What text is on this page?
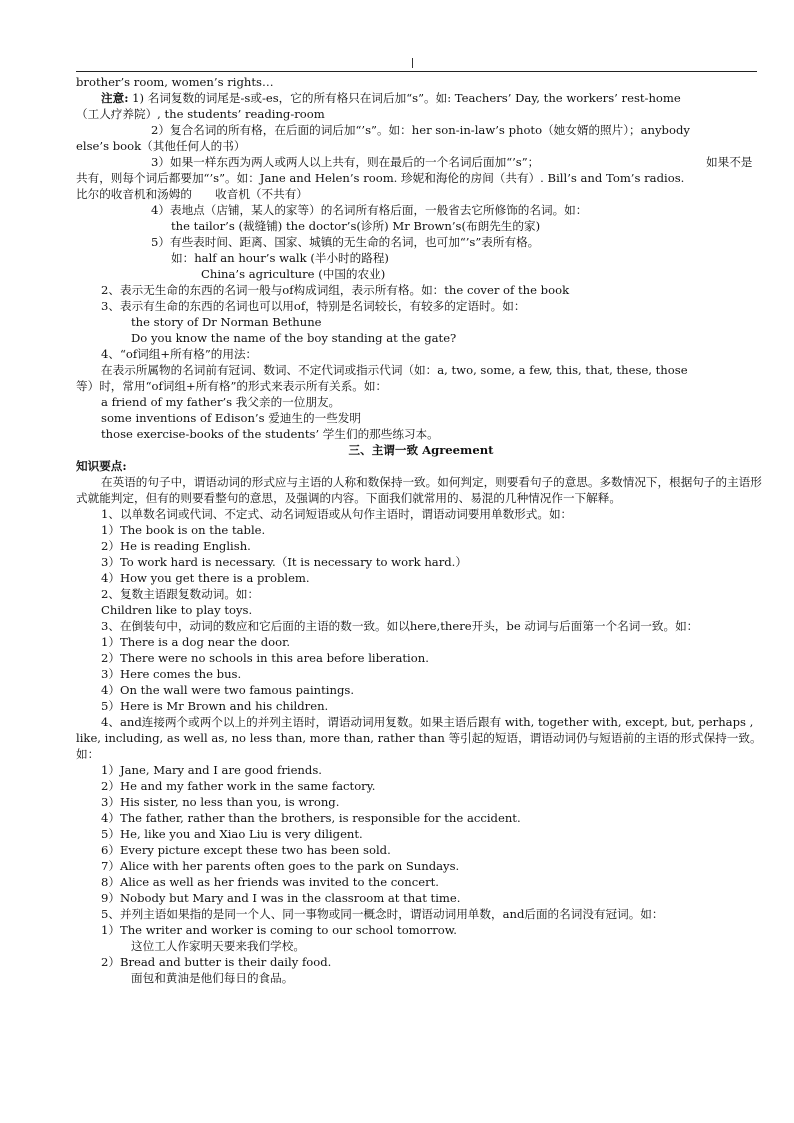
brother’s room, women’s rights…
注意: 1) 名词复数的词尾是-s或-es，它的所有格只在词后加“s”。如: Teachers’ Day, the workers’ rest-home
（工人疗养院）, the students’ reading-room
2）复合名词的所有格，在后面的词后加“’s”。如：her son-in-law’s photo（她女婿的照片）；anybody
else’s book（其他任何人的书）
3）如果一样东西为两人或两人以上共有，则在最后的一个名词后面加“’s”；	如果不是
共有，则每个词后都要加“’s”。如：Jane and Helen’s room. 珍妮和海伦的房间（共有）. Bill’s and Tom’s radios.
比尔的收音机和汤姆的　　收音机（不共有）
4）表地点（店铺，某人的家等）的名词所有格后面，一般省去它所修饰的名词。如：
the tailor’s (裁缝铺) the doctor’s(诊所) Mr Brown’s(布朗先生的家)
5）有些表时间、距离、国家、城镇的无生命的名词，也可加“’s”表所有格。
如：half an hour’s walk (半小时的路程)
China’s agriculture (中国的农业)
2、表示无生命的东西的名词一般与of构成词组，表示所有格。如：the cover of the book
3、表示有生命的东西的名词也可以用of，特别是名词较长，有较多的定语时。如：
the story of Dr Norman Bethune
Do you know the name of the boy standing at the gate?
4、“of词组+所有格”的用法：
在表示所属物的名词前有冠词、数词、不定代词或指示代词（如：a, two, some, a few, this, that, these, those
等）时，常用“of词组+所有格”的形式来表示所有关系。如：
a friend of my father’s 我父亲的一位朋友。
some inventions of Edison’s 爱迪生的一些发明
those exercise-books of the students’ 学生们的那些练习本。
三、主谓一致 Agreement
知识要点:
在英语的句子中，谓语动词的形式应与主语的人称和数保持一致。如何判定，则要看句子的意思。多数情况下，根据句子的主语形式就能判定，但有的则要看整句的意思，及强调的内容。下面我们就常用的、易混的几种情况作一下解释。
1、以单数名词或代词、不定式、动名词短语或从句作主语时，谓语动词要用单数形式。如：
1）The book is on the table.
2）He is reading English.
3）To work hard is necessary.（It is necessary to work hard.）
4）How you get there is a problem.
2、复数主语跟复数动词。如：
Children like to play toys.
3、在倒装句中，动词的数应和它后面的主语的数一致。如以here,there开头，be 动词与后面第一个名词一致。如：
1）There is a dog near the door.
2）There were no schools in this area before liberation.
3）Here comes the bus.
4）On the wall were two famous paintings.
5）Here is Mr Brown and his children.
4、and连接两个或两个以上的并列主语时，谓语动词用复数。如果主语后跟有 with, together with, except, but, perhaps , like, including, as well as, no less than, more than, rather than 等引起的短语，谓语动词仍与短语前的主语的形式保持一致。如：
1）Jane, Mary and I are good friends.
2）He and my father work in the same factory.
3）His sister, no less than you, is wrong.
4）The father, rather than the brothers, is responsible for the accident.
5）He, like you and Xiao Liu is very diligent.
6）Every picture except these two has been sold.
7）Alice with her parents often goes to the park on Sundays.
8）Alice as well as her friends was invited to the concert.
9）Nobody but Mary and I was in the classroom at that time.
5、并列主语如果指的是同一个人、同一事物或同一概念时，谓语动词用单数，and后面的名词没有冠词。如：
1）The writer and worker is coming to our school tomorrow.
这位工人作家明天要来我们学校。
2）Bread and butter is their daily food.
面包和黄油是他们每日的食品。
